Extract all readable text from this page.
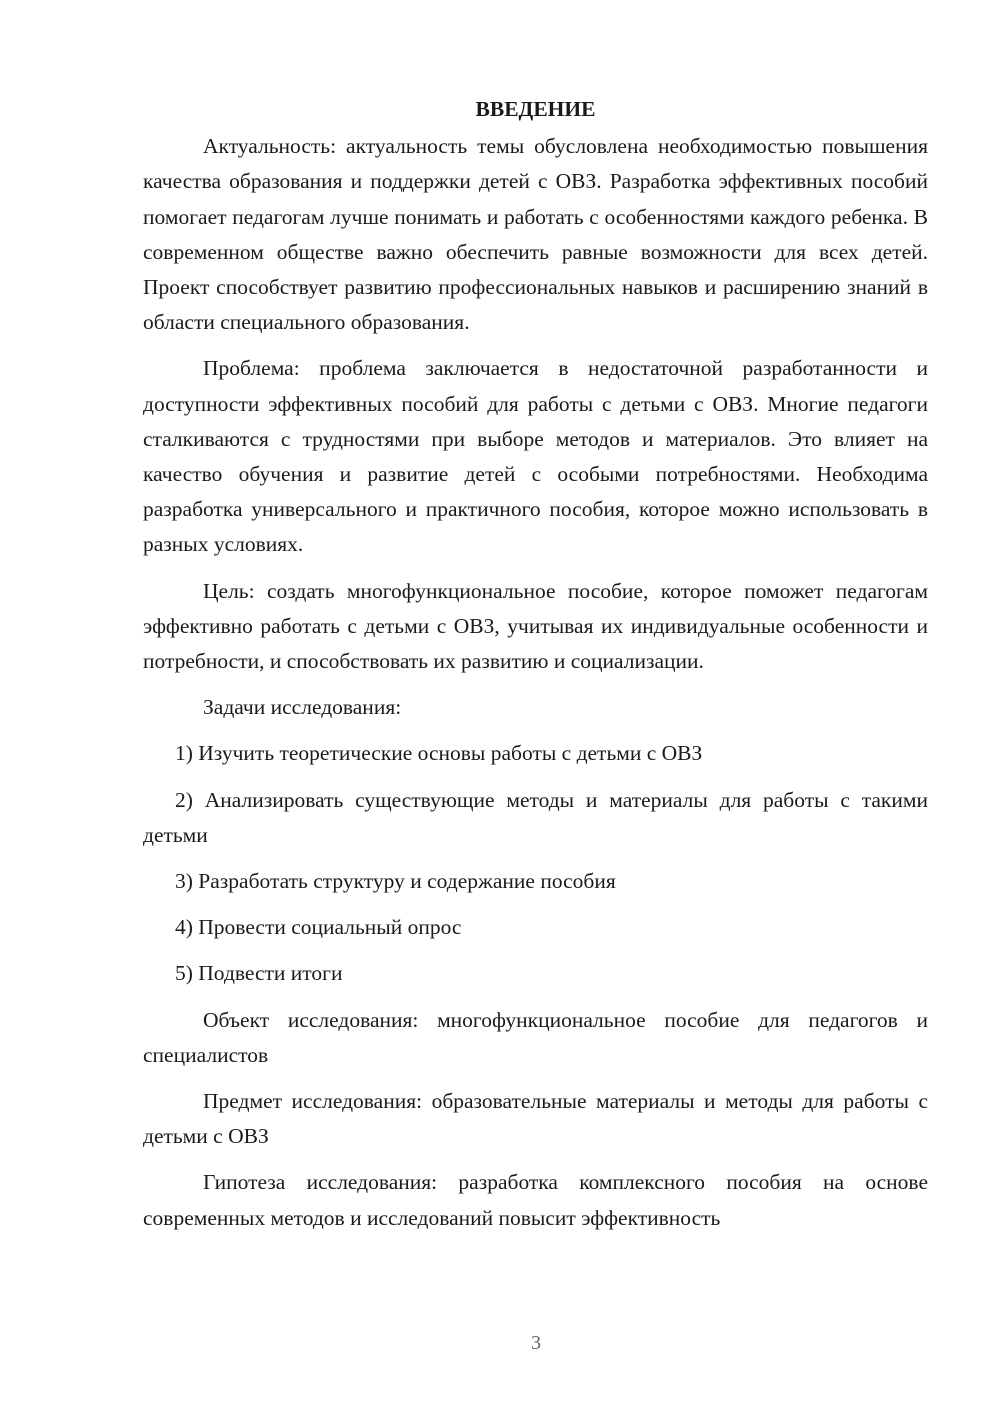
ВВЕДЕНИЕ

Актуальность: актуальность темы обусловлена необходимостью повышения качества образования и поддержки детей с ОВЗ. Разработка эффективных пособий помогает педагогам лучше понимать и работать с особенностями каждого ребенка. В современном обществе важно обеспечить равные возможности для всех детей. Проект способствует развитию профессиональных навыков и расширению знаний в области специального образования.

Проблема: проблема заключается в недостаточной разработанности и доступности эффективных пособий для работы с детьми с ОВЗ. Многие педагоги сталкиваются с трудностями при выборе методов и материалов. Это влияет на качество обучения и развитие детей с особыми потребностями. Необходима разработка универсального и практичного пособия, которое можно использовать в разных условиях.

Цель: создать многофункциональное пособие, которое поможет педагогам эффективно работать с детьми с ОВЗ, учитывая их индивидуальные особенности и потребности, и способствовать их развитию и социализации.

Задачи исследования:

1) Изучить теоретические основы работы с детьми с ОВЗ

2) Анализировать существующие методы и материалы для работы с такими детьми

3) Разработать структуру и содержание пособия

4) Провести социальный опрос

5) Подвести итоги

Объект исследования: многофункциональное пособие для педагогов и специалистов

Предмет исследования: образовательные материалы и методы для работы с детьми с ОВЗ

Гипотеза исследования: разработка комплексного пособия на основе современных методов и исследований повысит эффективность

3
